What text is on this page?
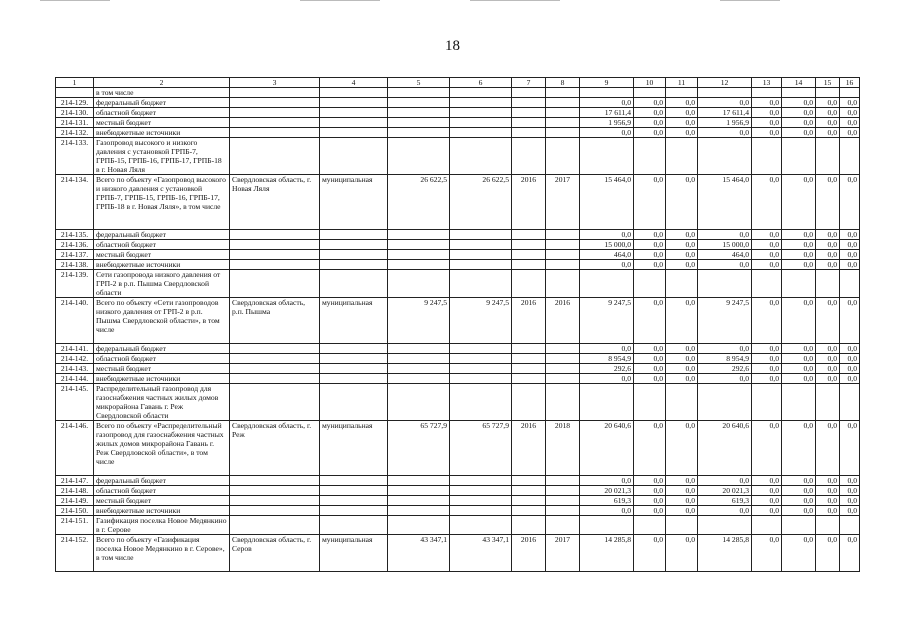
18
1	2	3	4	5	6	7	8	9	10	11	12	13	14	15	16
	в том числе														
214-129.	федеральный бюджет							0,0	0,0	0,0	0,0	0,0	0,0	0,0	0,0
214-130.	областной бюджет							17 611,4	0,0	0,0	17 611,4	0,0	0,0	0,0	0,0
214-131.	местный бюджет							1 956,9	0,0	0,0	1 956,9	0,0	0,0	0,0	0,0
214-132.	внебюджетные источники							0,0	0,0	0,0	0,0	0,0	0,0	0,0	0,0
214-133.	Газопровод высокого и низкого давления с установкой ГРПБ-7, ГРПБ-15, ГРПБ-16, ГРПБ-17, ГРПБ-18 в г. Новая Ляля														
214-134.	Всего по объекту «Газопровод высокого и низкого давления с установкой ГРПБ-7, ГРПБ-15, ГРПБ-16, ГРПБ-17, ГРПБ-18 в г. Новая Ляля», в том числе	Свердловская область, г. Новая Ляля	муниципальная	26 622,5	26 622,5	2016	2017	15 464,0	0,0	0,0	15 464,0	0,0	0,0	0,0	0,0
214-135.	федеральный бюджет							0,0	0,0	0,0	0,0	0,0	0,0	0,0	0,0
214-136.	областной бюджет							15 000,0	0,0	0,0	15 000,0	0,0	0,0	0,0	0,0
214-137.	местный бюджет							464,0	0,0	0,0	464,0	0,0	0,0	0,0	0,0
214-138.	внебюджетные источники							0,0	0,0	0,0	0,0	0,0	0,0	0,0	0,0
214-139.	Сети газопровода низкого давления от ГРП-2 в р.п. Пышма Свердловской области														
214-140.	Всего по объекту «Сети газопроводов низкого давления от ГРП-2 в р.п. Пышма Свердловской области», в том числе	Свердловская область, р.п. Пышма	муниципальная	9 247,5	9 247,5	2016	2016	9 247,5	0,0	0,0	9 247,5	0,0	0,0	0,0	0,0
214-141.	федеральный бюджет							0,0	0,0	0,0	0,0	0,0	0,0	0,0	0,0
214-142.	областной бюджет							8 954,9	0,0	0,0	8 954,9	0,0	0,0	0,0	0,0
214-143.	местный бюджет							292,6	0,0	0,0	292,6	0,0	0,0	0,0	0,0
214-144.	внебюджетные источники							0,0	0,0	0,0	0,0	0,0	0,0	0,0	0,0
214-145.	Распределительный газопровод для газоснабжения частных жилых домов микрорайона Гавань г. Реж Свердловской области														
214-146.	Всего по объекту «Распределительный газопровод для газоснабжения частных жилых домов микрорайона Гавань г. Реж Свердловской области», в том числе	Свердловская область, г. Реж	муниципальная	65 727,9	65 727,9	2016	2018	20 640,6	0,0	0,0	20 640,6	0,0	0,0	0,0	0,0
214-147.	федеральный бюджет							0,0	0,0	0,0	0,0	0,0	0,0	0,0	0,0
214-148.	областной бюджет							20 021,3	0,0	0,0	20 021,3	0,0	0,0	0,0	0,0
214-149.	местный бюджет							619,3	0,0	0,0	619,3	0,0	0,0	0,0	0,0
214-150.	внебюджетные источники							0,0	0,0	0,0	0,0	0,0	0,0	0,0	0,0
214-151.	Газификация поселка Новое Медянкино в г. Серове														
214-152.	Всего по объекту «Газификация поселка Новое Медянкино в г. Серове», в том числе	Свердловская область, г. Серов	муниципальная	43 347,1	43 347,1	2016	2017	14 285,8	0,0	0,0	14 285,8	0,0	0,0	0,0	0,0
